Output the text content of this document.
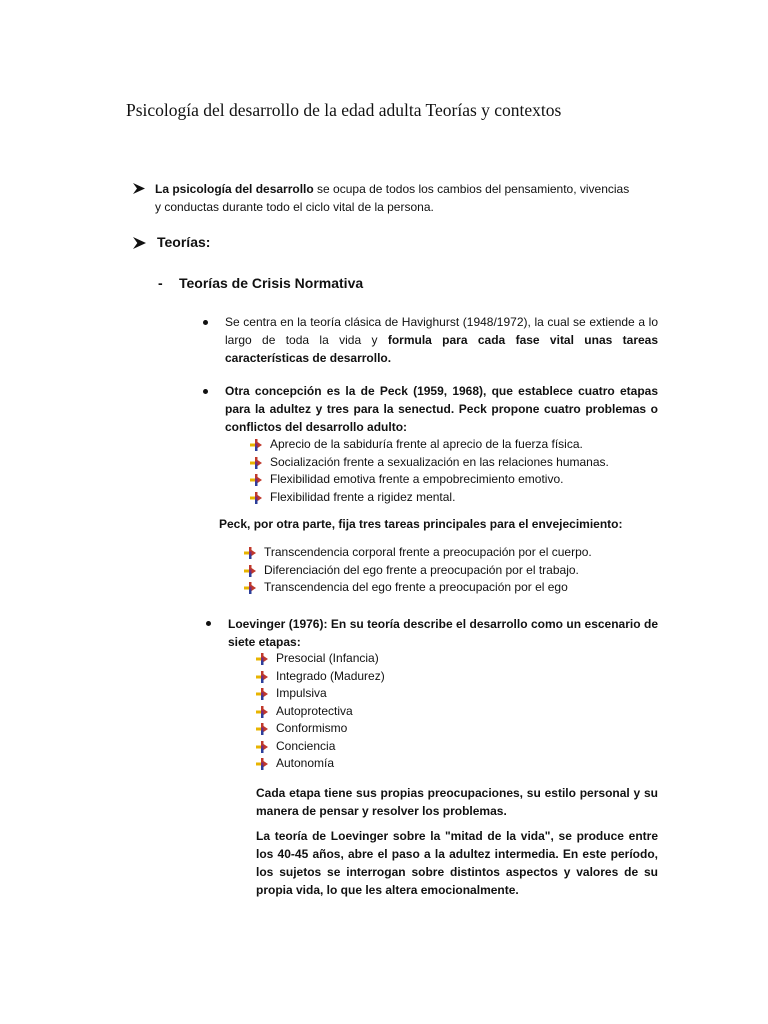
Psicología del desarrollo de la edad adulta Teorías y contextos
La psicología del desarrollo se ocupa de todos los cambios del pensamiento, vivencias
y conductas durante todo el ciclo vital de la persona.
Teorías:
- Teorías de Crisis Normativa
Se centra en la teoría clásica de Havighurst (1948/1972), la cual se extiende a lo largo de toda la vida y formula para cada fase vital unas tareas características de desarrollo.
Otra concepción es la de Peck (1959, 1968), que establece cuatro etapas para la adultez y tres para la senectud. Peck propone cuatro problemas o conflictos del desarrollo adulto:
Aprecio de la sabiduría frente al aprecio de la fuerza física.
Socialización frente a sexualización en las relaciones humanas.
Flexibilidad emotiva frente a empobrecimiento emotivo.
Flexibilidad frente a rigidez mental.
Peck, por otra parte, fija tres tareas principales para el envejecimiento:
Transcendencia corporal frente a preocupación por el cuerpo.
Diferenciación del ego frente a preocupación por el trabajo.
Transcendencia del ego frente a preocupación por el ego
Loevinger (1976): En su teoría describe el desarrollo como un escenario de siete etapas:
Presocial (Infancia)
Integrado (Madurez)
Impulsiva
Autoprotectiva
Conformismo
Conciencia
Autonomía
Cada etapa tiene sus propias preocupaciones, su estilo personal y su manera de pensar y resolver los problemas.
La teoría de Loevinger sobre la "mitad de la vida", se produce entre los 40-45 años, abre el paso a la adultez intermedia. En este período, los sujetos se interrogan sobre distintos aspectos y valores de su propia vida, lo que les altera emocionalmente.
